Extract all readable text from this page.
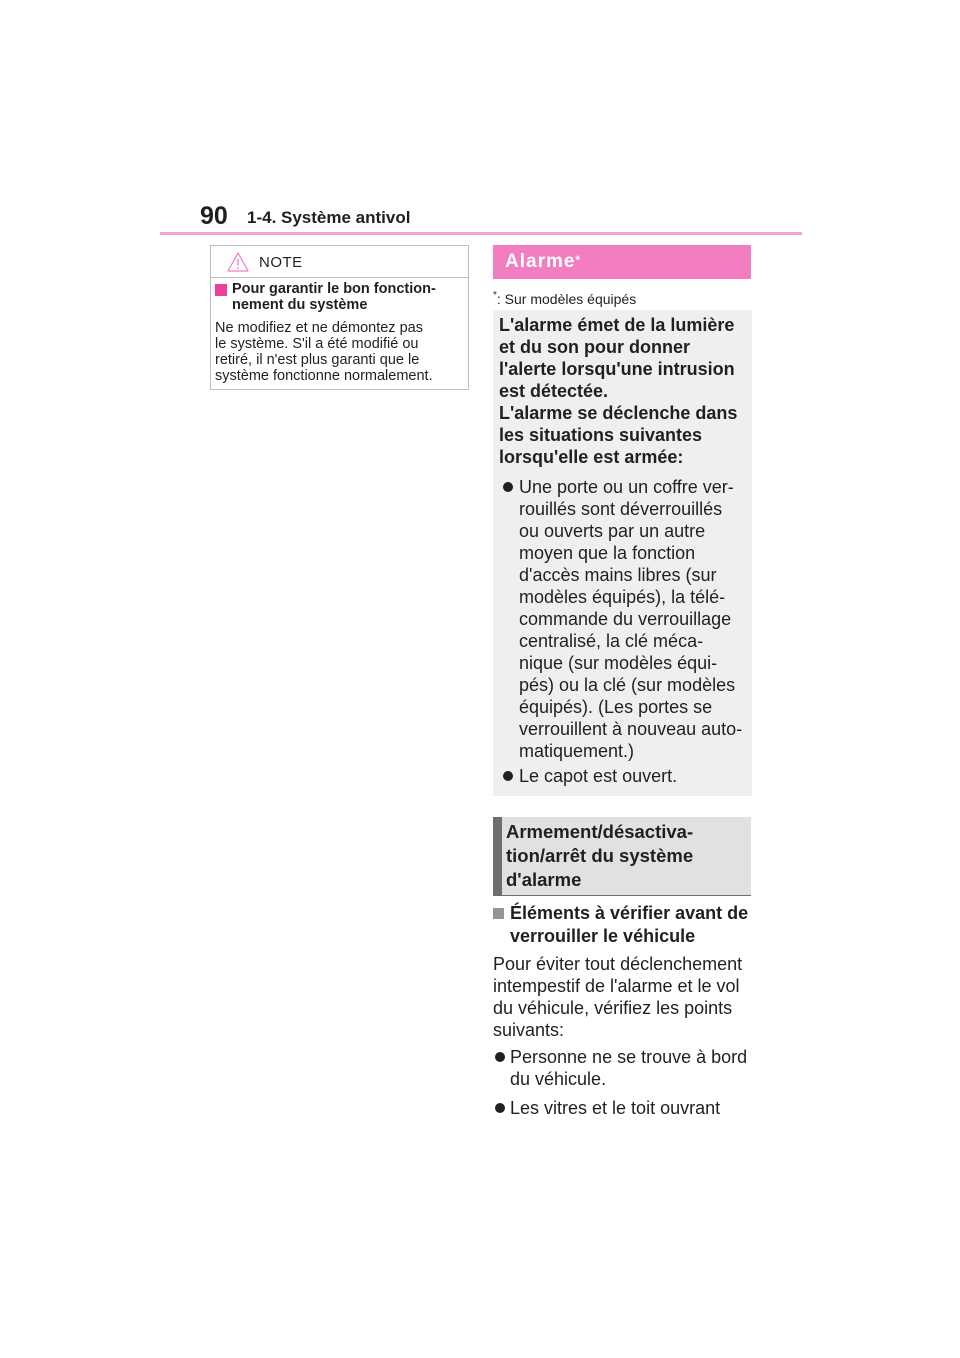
90 1-4. Système antivol
NOTE
Pour garantir le bon fonction-
nement du système
Ne modifiez et ne démontez pas
le système. S'il a été modifié ou
retiré, il n'est plus garanti que le
système fonctionne normalement.
Alarme*
*: Sur modèles équipés
L'alarme émet de la lumière
et du son pour donner
l'alerte lorsqu'une intrusion
est détectée.
L'alarme se déclenche dans
les situations suivantes
lorsqu'elle est armée:
Une porte ou un coffre ver-
rouillés sont déverrouillés
ou ouverts par un autre
moyen que la fonction
d'accès mains libres (sur
modèles équipés), la télé-
commande du verrouillage
centralisé, la clé méca-
nique (sur modèles équi-
pés) ou la clé (sur modèles
équipés). (Les portes se
verrouillent à nouveau auto-
matiquement.)
Le capot est ouvert.
Armement/désactiva-
tion/arrêt du système
d'alarme
Éléments à vérifier avant de
verrouiller le véhicule
Pour éviter tout déclenchement
intempestif de l'alarme et le vol
du véhicule, vérifiez les points
suivants:
Personne ne se trouve à bord
du véhicule.
Les vitres et le toit ouvrant
